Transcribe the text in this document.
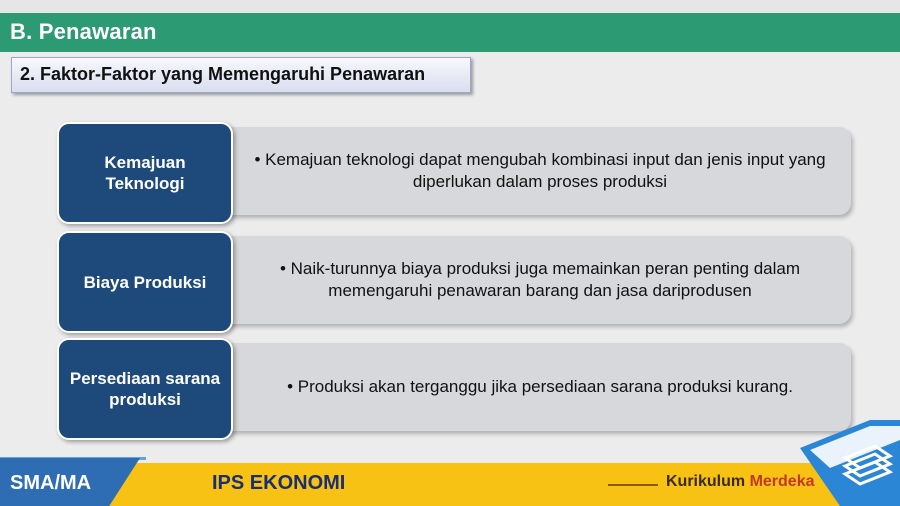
B. Penawaran
2. Faktor-Faktor yang Memengaruhi Penawaran
• Kemajuan teknologi dapat mengubah kombinasi input dan jenis input yang diperlukan dalam proses produksi
Kemajuan
Teknologi
• Naik-turunnya biaya produksi juga memainkan peran penting dalam memengaruhi penawaran barang dan jasa dariprodusen
Biaya Produksi
• Produksi akan terganggu jika persediaan sarana produksi kurang.
Persediaan sarana produksi
SMA/MA	IPS EKONOMI	Kurikulum Merdeka
